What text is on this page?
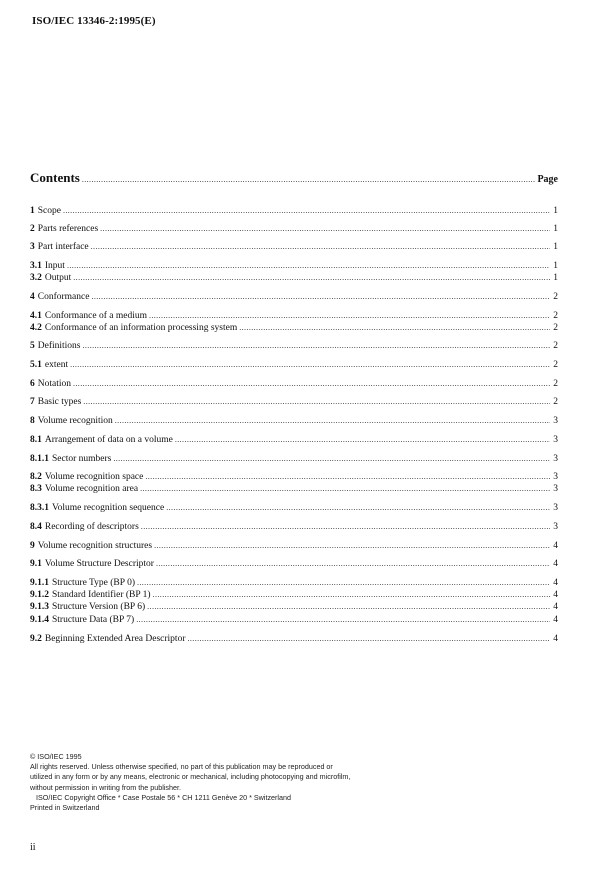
ISO/IEC 13346-2:1995(E)
Contents .....	Page
1 Scope .....	1
2 Parts references .....	1
3 Part interface .....	1
3.1 Input .....	1
3.2 Output .....	1
4 Conformance .....	2
4.1 Conformance of a medium .....	2
4.2 Conformance of an information processing system .....	2
5 Definitions .....	2
5.1 extent .....	2
6 Notation .....	2
7 Basic types .....	2
8 Volume recognition .....	3
8.1 Arrangement of data on a volume .....	3
8.1.1 Sector numbers .....	3
8.2 Volume recognition space .....	3
8.3 Volume recognition area .....	3
8.3.1 Volume recognition sequence .....	3
8.4 Recording of descriptors .....	3
9 Volume recognition structures .....	4
9.1 Volume Structure Descriptor .....	4
9.1.1 Structure Type (BP 0) .....	4
9.1.2 Standard Identifier (BP 1) .....	4
9.1.3 Structure Version (BP 6) .....	4
9.1.4 Structure Data (BP 7) .....	4
9.2 Beginning Extended Area Descriptor .....	4
© ISO/IEC 1995
All rights reserved. Unless otherwise specified, no part of this publication may be reproduced or
utilized in any form or by any means, electronic or mechanical, including photocopying and microfilm,
without permission in writing from the publisher.
ISO/IEC Copyright Office * Case Postale 56 * CH 1211 Genève 20 * Switzerland
Printed in Switzerland
ii
